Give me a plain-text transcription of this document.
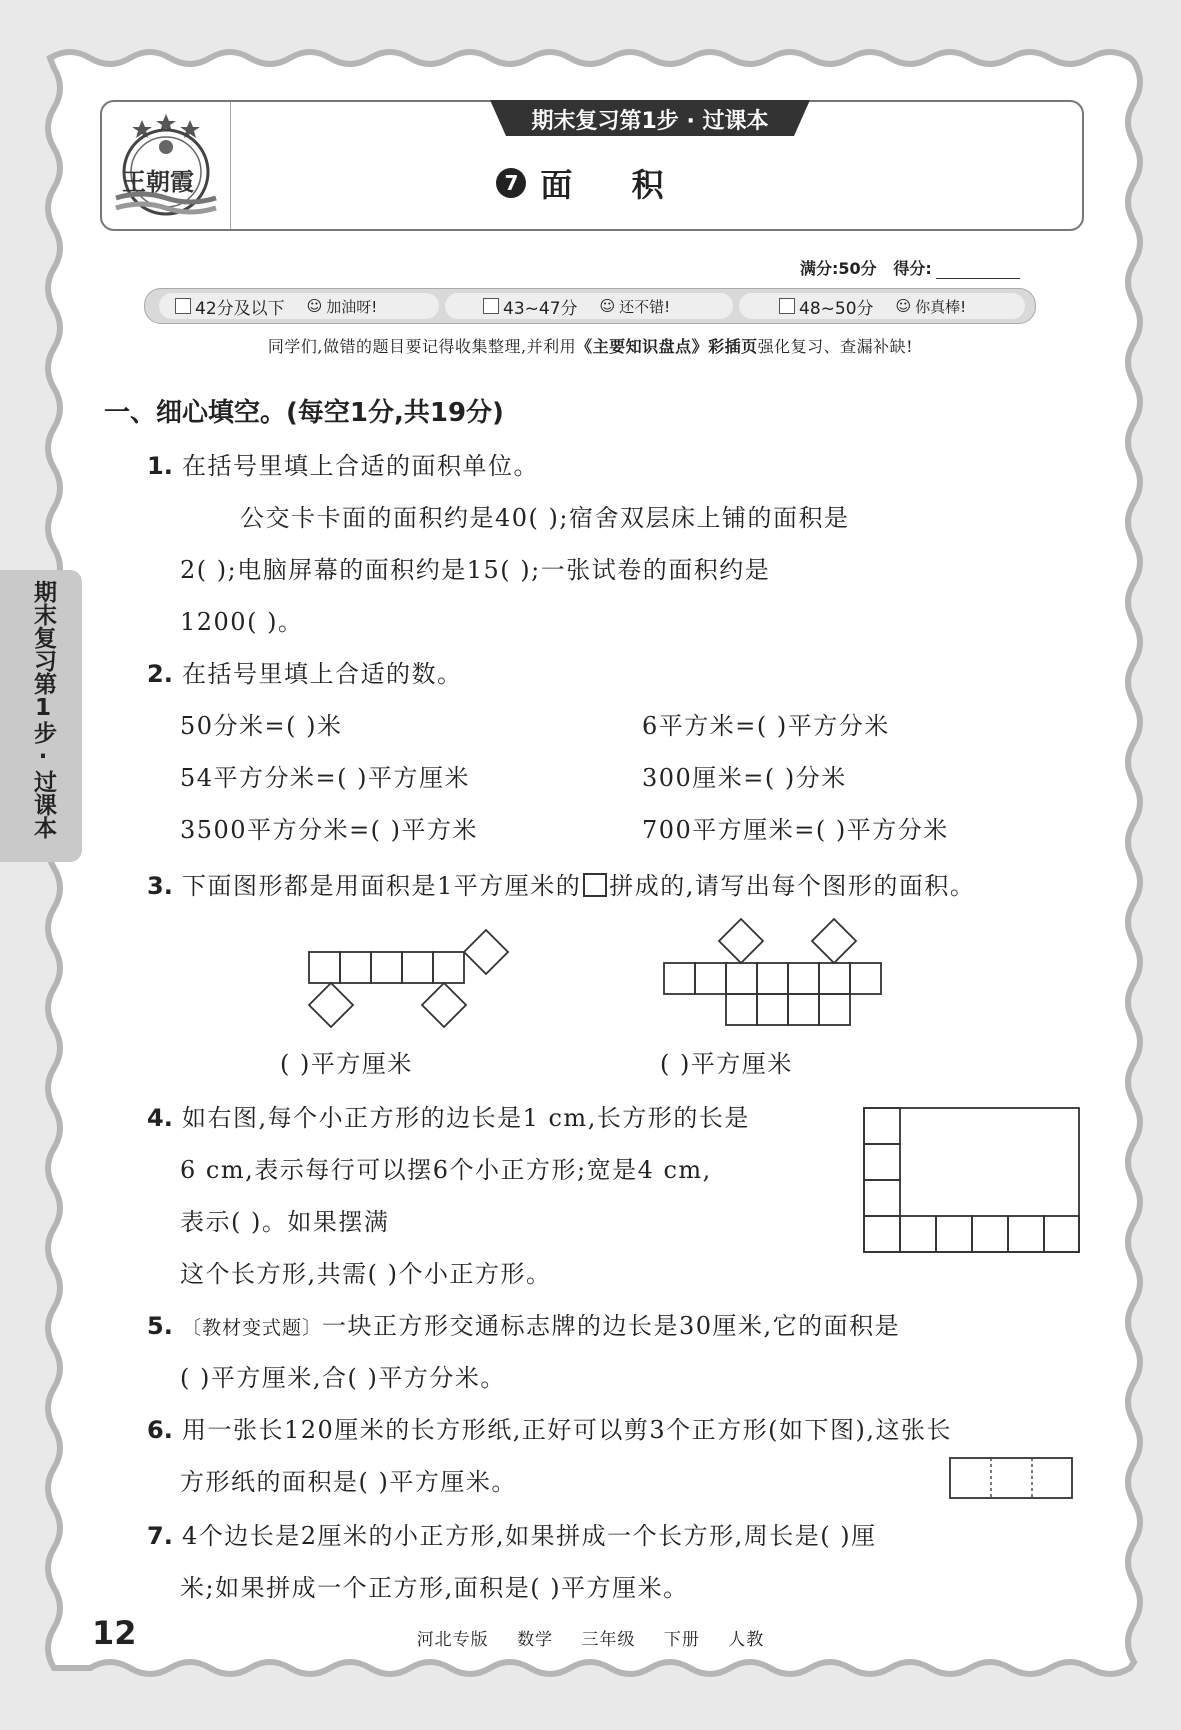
王朝霞
期末复习第1步 · 过课本
7 面 积
满分:50分 得分:
42分及以下 ☺ 加油呀!	43~47分 ☺ 还不错!	48~50分 ☺ 你真棒!
同学们,做错的题目要记得收集整理,并利用《主要知识盘点》彩插页强化复习、查漏补缺!
期末复习第1步·过课本
一、细心填空。(每空1分,共19分)
1. 在括号里填上合适的面积单位。
公交卡卡面的面积约是40( );宿舍双层床上铺的面积是
2( );电脑屏幕的面积约是15( );一张试卷的面积约是
1200( )。
2. 在括号里填上合适的数。
50分米=( )米	6平方米=( )平方分米
54平方分米=( )平方厘米	300厘米=( )分米
3500平方分米=( )平方米	700平方厘米=( )平方分米
3. 下面图形都是用面积是1平方厘米的 拼成的,请写出每个图形的面积。
( )平方厘米	( )平方厘米
4. 如右图,每个小正方形的边长是1 cm,长方形的长是
6 cm,表示每行可以摆6个小正方形;宽是4 cm,
表示( )。如果摆满
这个长方形,共需( )个小正方形。
5. 〔教材变式题〕一块正方形交通标志牌的边长是30厘米,它的面积是
( )平方厘米,合( )平方分米。
6. 用一张长120厘米的长方形纸,正好可以剪3个正方形(如下图),这张长
方形纸的面积是( )平方厘米。
7. 4个边长是2厘米的小正方形,如果拼成一个长方形,周长是( )厘
米;如果拼成一个正方形,面积是( )平方厘米。
12	河北专版 数学 三年级 下册 人教
